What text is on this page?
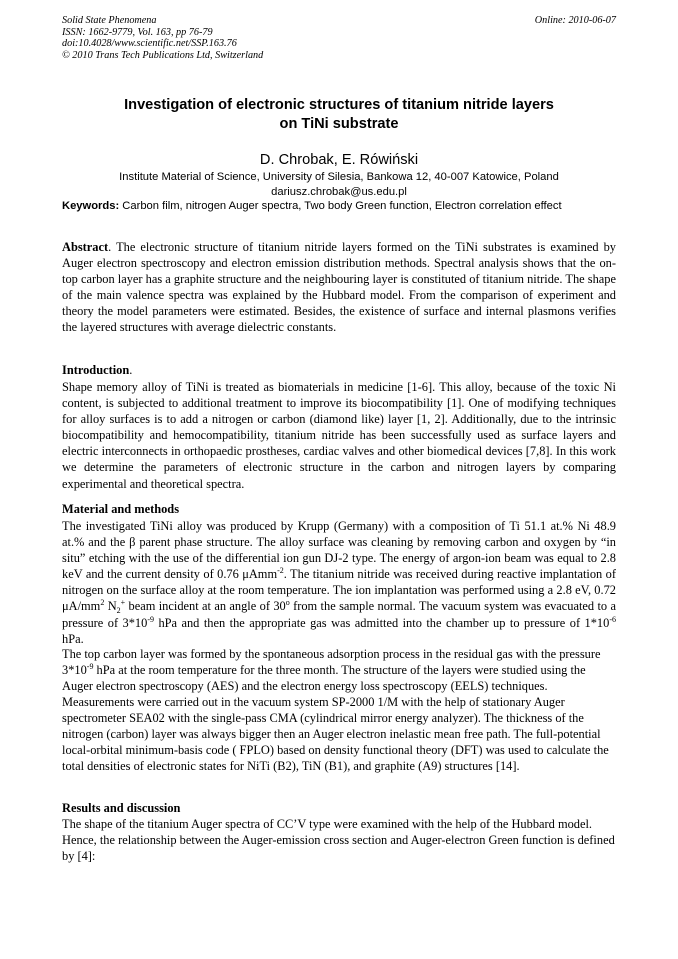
Solid State Phenomena
ISSN: 1662-9779, Vol. 163, pp 76-79
doi:10.4028/www.scientific.net/SSP.163.76
© 2010 Trans Tech Publications Ltd, Switzerland
Online: 2010-06-07
Investigation of electronic structures of titanium nitride layers
on TiNi substrate
D. Chrobak, E. Rówiński
Institute Material of Science, University of Silesia, Bankowa 12, 40-007 Katowice, Poland
dariusz.chrobak@us.edu.pl
Keywords: Carbon film, nitrogen Auger spectra, Two body Green function, Electron correlation effect
Abstract. The electronic structure of titanium nitride layers formed on the TiNi substrates is examined by Auger electron spectroscopy and electron emission distribution methods. Spectral analysis shows that the on-top carbon layer has a graphite structure and the neighbouring layer is constituted of titanium nitride. The shape of the main valence spectra was explained by the Hubbard model. From the comparison of experiment and theory the model parameters were estimated. Besides, the existence of surface and internal plasmons verifies the layered structures with average dielectric constants.
Introduction.
Shape memory alloy of TiNi is treated as biomaterials in medicine [1-6]. This alloy, because of the toxic Ni content, is subjected to additional treatment to improve its biocompatibility [1]. One of modifying techniques for alloy surfaces is to add a nitrogen or carbon (diamond like) layer [1, 2]. Additionally, due to the intrinsic biocompatibility and hemocompatibility, titanium nitride has been successfully used as surface layers and electric interconnects in orthopaedic prostheses, cardiac valves and other biomedical devices [7,8]. In this work we determine the parameters of electronic structure in the carbon and nitrogen layers by comparing experimental and theoretical spectra.
Material and methods
The investigated TiNi alloy was produced by Krupp (Germany) with a composition of Ti 51.1 at.% Ni 48.9 at.% and the β parent phase structure. The alloy surface was cleaning by removing carbon and oxygen by “in situ” etching with the use of the differential ion gun DJ-2 type. The energy of argon-ion beam was equal to 2.8 keV and the current density of 0.76 μAmm$^{-2}$. The titanium nitride was received during reactive implantation of nitrogen on the surface alloy at the room temperature. The ion implantation was performed using a 2.8 eV, 0.72 $\mu A/mm^2$ $N_2^+$ beam incident at an angle of 30$^o$ from the sample normal. The vacuum system was evacuated to a pressure of $3*10^{-9}$ hPa and then the appropriate gas was admitted into the chamber up to pressure of $1*10^{-6}$ hPa.
The top carbon layer was formed by the spontaneous adsorption process in the residual gas with the pressure $3*10^{-9}$ hPa at the room temperature for the three month. The structure of the layers were studied using the Auger electron spectroscopy (AES) and the electron energy loss spectroscopy (EELS) techniques. Measurements were carried out in the vacuum system SP-2000 1/M with the help of stationary Auger spectrometer SEA02 with the single-pass CMA (cylindrical mirror energy analyzer). The thickness of the nitrogen (carbon) layer was always bigger then an Auger electron inelastic mean free path. The full-potential local-orbital minimum-basis code ( FPLO) based on density functional theory (DFT) was used to calculate the total densities of electronic states for NiTi (B2), TiN (B1), and graphite (A9) structures [14].
Results and discussion
The shape of the titanium Auger spectra of CC’V type were examined with the help of the Hubbard model. Hence, the relationship between the Auger-emission cross section and Auger-electron Green function is defined by [4]:
